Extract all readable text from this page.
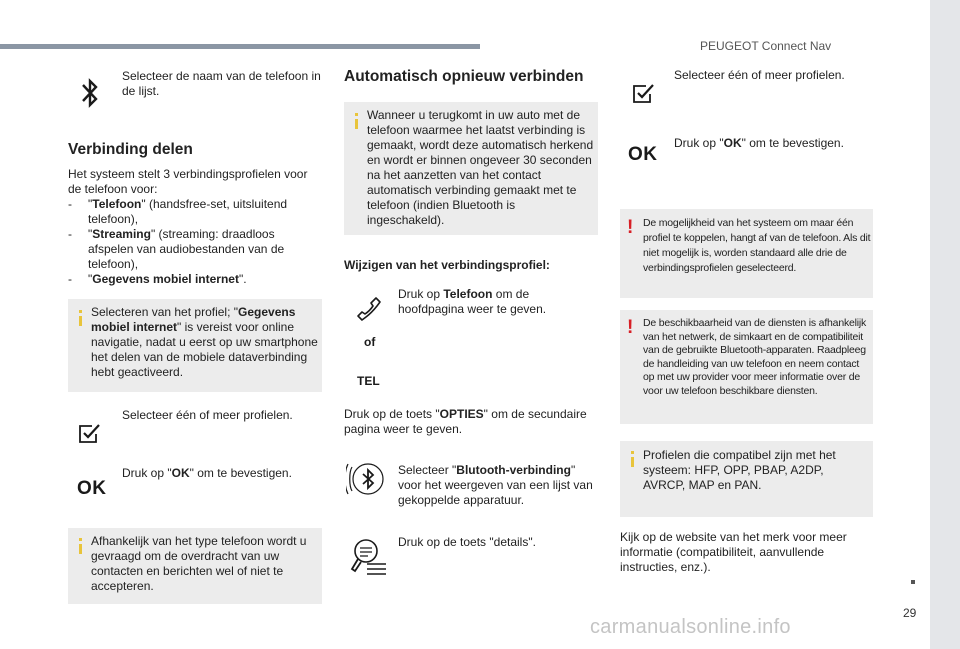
PEUGEOT Connect Nav
29
carmanualsonline.info
Selecteer de naam van de telefoon in de lijst.
Verbinding delen
Het systeem stelt 3 verbindingsprofielen voor de telefoon voor:
-	"Telefoon" (handsfree-set, uitsluitend telefoon),
-	"Streaming" (streaming: draadloos afspelen van audiobestanden van de telefoon),
-	"Gegevens mobiel internet".
Selecteren van het profiel; "Gegevens mobiel internet" is vereist voor online navigatie, nadat u eerst op uw smartphone het delen van de mobiele dataverbinding hebt geactiveerd.
Selecteer één of meer profielen.
OK
Druk op "OK" om te bevestigen.
Afhankelijk van het type telefoon wordt u gevraagd om de overdracht van uw contacten en berichten wel of niet te accepteren.
Automatisch opnieuw verbinden
Wanneer u terugkomt in uw auto met de telefoon waarmee het laatst verbinding is gemaakt, wordt deze automatisch herkend en wordt er binnen ongeveer 30 seconden na het aanzetten van het contact automatisch verbinding gemaakt met te telefoon (indien Bluetooth is ingeschakeld).
Wijzigen van het verbindingsprofiel:
Druk op Telefoon om de hoofdpagina weer te geven.
of
TEL
Druk op de toets "OPTIES" om de secundaire pagina weer te geven.
Selecteer "Blutooth-verbinding" voor het weergeven van een lijst van gekoppelde apparatuur.
Druk op de toets "details".
Selecteer één of meer profielen.
OK
Druk op "OK" om te bevestigen.
! De mogelijkheid van het systeem om maar één profiel te koppelen, hangt af van de telefoon. Als dit niet mogelijk is, worden standaard alle drie de verbindingsprofielen geselecteerd.
! De beschikbaarheid van de diensten is afhankelijk van het netwerk, de simkaart en de compatibiliteit van de gebruikte Bluetooth-apparaten. Raadpleeg de handleiding van uw telefoon en neem contact op met uw provider voor meer informatie over de voor uw telefoon beschikbare diensten.
Profielen die compatibel zijn met het systeem: HFP, OPP, PBAP, A2DP, AVRCP, MAP en PAN.
Kijk op de website van het merk voor meer informatie (compatibiliteit, aanvullende instructies, enz.).
